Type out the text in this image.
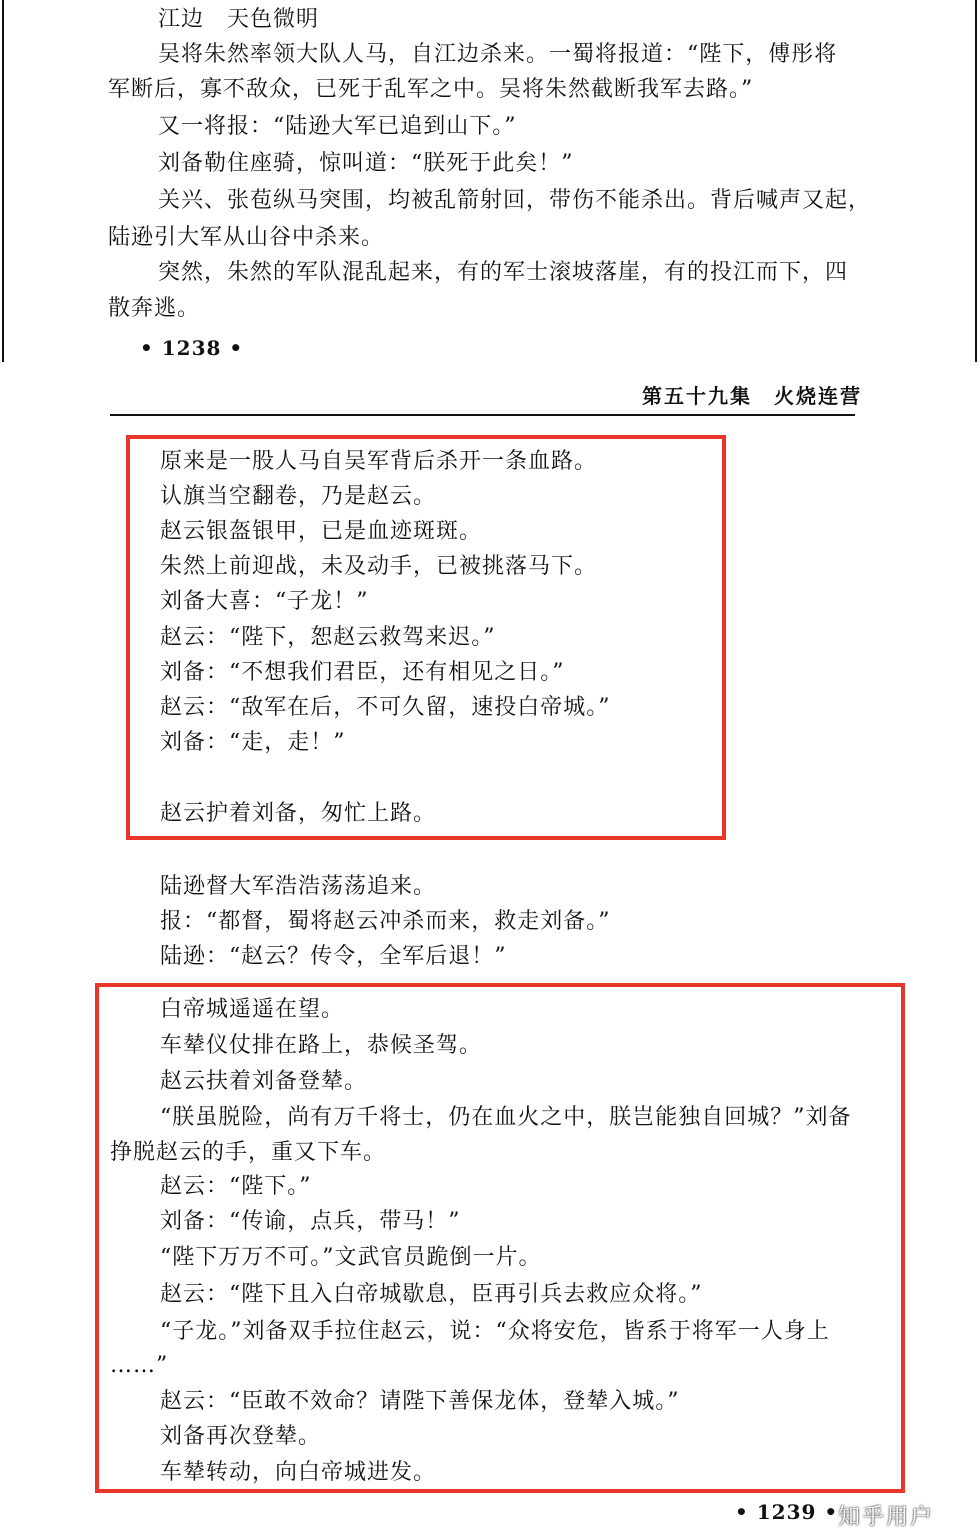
江边　天色微明
吴将朱然率领大队人马，自江边杀来。一蜀将报道：“陛下，傅彤将
军断后，寡不敌众，已死于乱军之中。吴将朱然截断我军去路。”
又一将报：“陆逊大军已追到山下。”
刘备勒住座骑，惊叫道：“朕死于此矣！”
关兴、张苞纵马突围，均被乱箭射回，带伤不能杀出。背后喊声又起，
陆逊引大军从山谷中杀来。
突然，朱然的军队混乱起来，有的军士滚坡落崖，有的投江而下，四
散奔逃。
• 1238 •
第五十九集　火烧连营
原来是一股人马自吴军背后杀开一条血路。
认旗当空翻卷，乃是赵云。
赵云银盔银甲，已是血迹斑斑。
朱然上前迎战，未及动手，已被挑落马下。
刘备大喜：“子龙！”
赵云：“陛下，恕赵云救驾来迟。”
刘备：“不想我们君臣，还有相见之日。”
赵云：“敌军在后，不可久留，速投白帝城。”
刘备：“走，走！”
赵云护着刘备，匆忙上路。
陆逊督大军浩浩荡荡追来。
报：“都督，蜀将赵云冲杀而来，救走刘备。”
陆逊：“赵云？传令，全军后退！”
白帝城遥遥在望。
车辇仪仗排在路上，恭候圣驾。
赵云扶着刘备登辇。
“朕虽脱险，尚有万千将士，仍在血火之中，朕岂能独自回城？”刘备
挣脱赵云的手，重又下车。
赵云：“陛下。”
刘备：“传谕，点兵，带马！”
“陛下万万不可。”文武官员跪倒一片。
赵云：“陛下且入白帝城歇息，臣再引兵去救应众将。”
“子龙。”刘备双手拉住赵云，说：“众将安危，皆系于将军一人身上
……”
赵云：“臣敢不效命？请陛下善保龙体，登辇入城。”
刘备再次登辇。
车辇转动，向白帝城进发。
• 1239 • 知乎用户
